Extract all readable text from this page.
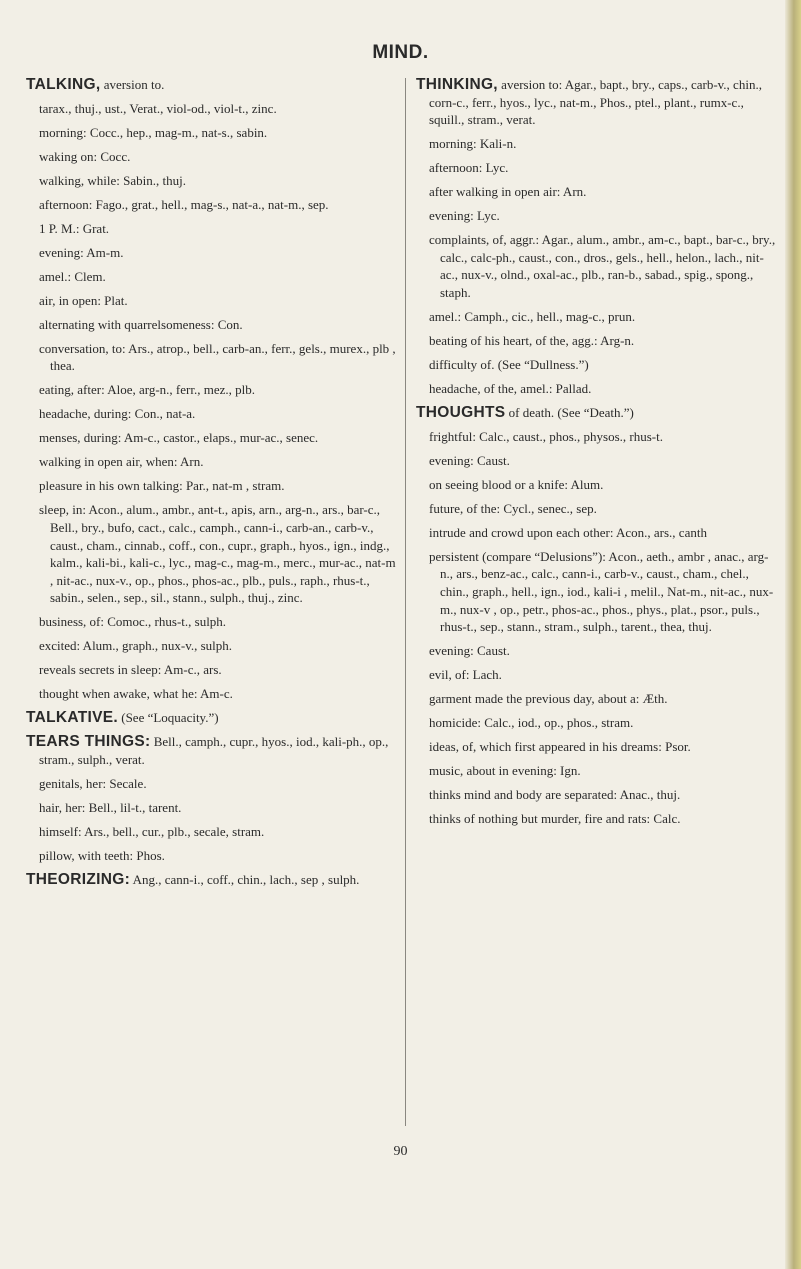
MIND.
TALKING, aversion to.
tarax., thuj., ust., Verat., viol-od., viol-t., zinc.
morning: Cocc., hep., mag-m., nat-s., sabin.
waking on: Cocc.
walking, while: Sabin., thuj.
afternoon: Fago., grat., hell., mag-s., nat-a., nat-m., sep.
1 P. M.: Grat.
evening: Am-m.
amel.: Clem.
air, in open: Plat.
alternating with quarrelsomeness: Con.
conversation, to: Ars., atrop., bell., carb-an., ferr., gels., murex., plb , thea.
eating, after: Aloe, arg-n., ferr., mez., plb.
headache, during: Con., nat-a.
menses, during: Am-c., castor., elaps., mur-ac., senec.
walking in open air, when: Arn.
pleasure in his own talking: Par., nat-m , stram.
sleep, in: Acon., alum., ambr., ant-t., apis, arn., arg-n., ars., bar-c., Bell., bry., bufo, cact., calc., camph., cann-i., carb-an., carb-v., caust., cham., cinnab., coff., con., cupr., graph., hyos., ign., indg., kalm., kali-bi., kali-c., lyc., mag-c., mag-m., merc., mur-ac., nat-m , nit-ac., nux-v., op., phos., phos-ac., plb., puls., raph., rhus-t., sabin., selen., sep., sil., stann., sulph., thuj., zinc.
business, of: Comoc., rhus-t., sulph.
excited: Alum., graph., nux-v., sulph.
reveals secrets in sleep: Am-c., ars.
thought when awake, what he: Am-c.
TALKATIVE. (See “Loquacity.”)
TEARS THINGS: Bell., camph., cupr., hyos., iod., kali-ph., op., stram., sulph., verat.
genitals, her: Secale.
hair, her: Bell., lil-t., tarent.
himself: Ars., bell., cur., plb., secale, stram.
pillow, with teeth: Phos.
THEORIZING: Ang., cann-i., coff., chin., lach., sep , sulph.
THINKING, aversion to: Agar., bapt., bry., caps., carb-v., chin., corn-c., ferr., hyos., lyc., nat-m., Phos., ptel., plant., rumx-c., squill., stram., verat.
morning: Kali-n.
afternoon: Lyc.
after walking in open air: Arn.
evening: Lyc.
complaints, of, aggr.: Agar., alum., ambr., am-c., bapt., bar-c., bry., calc., calc-ph., caust., con., dros., gels., hell., helon., lach., nit-ac., nux-v., olnd., oxal-ac., plb., ran-b., sabad., spig., spong., staph.
amel.: Camph., cic., hell., mag-c., prun.
beating of his heart, of the, agg.: Arg-n.
difficulty of. (See “Dullness.”)
headache, of the, amel.: Pallad.
THOUGHTS of death. (See “Death.”)
frightful: Calc., caust., phos., physos., rhus-t.
evening: Caust.
on seeing blood or a knife: Alum.
future, of the: Cycl., senec., sep.
intrude and crowd upon each other: Acon., ars., canth
persistent (compare “Delusions”): Acon., aeth., ambr , anac., arg-n., ars., benz-ac., calc., cann-i., carb-v., caust., cham., chel., chin., graph., hell., ign., iod., kali-i , melil., Nat-m., nit-ac., nux-m., nux-v , op., petr., phos-ac., phos., phys., plat., psor., puls., rhus-t., sep., stann., stram., sulph., tarent., thea, thuj.
evening: Caust.
evil, of: Lach.
garment made the previous day, about a: Æth.
homicide: Calc., iod., op., phos., stram.
ideas, of, which first appeared in his dreams: Psor.
music, about in evening: Ign.
thinks mind and body are separated: Anac., thuj.
thinks of nothing but murder, fire and rats: Calc.
90
